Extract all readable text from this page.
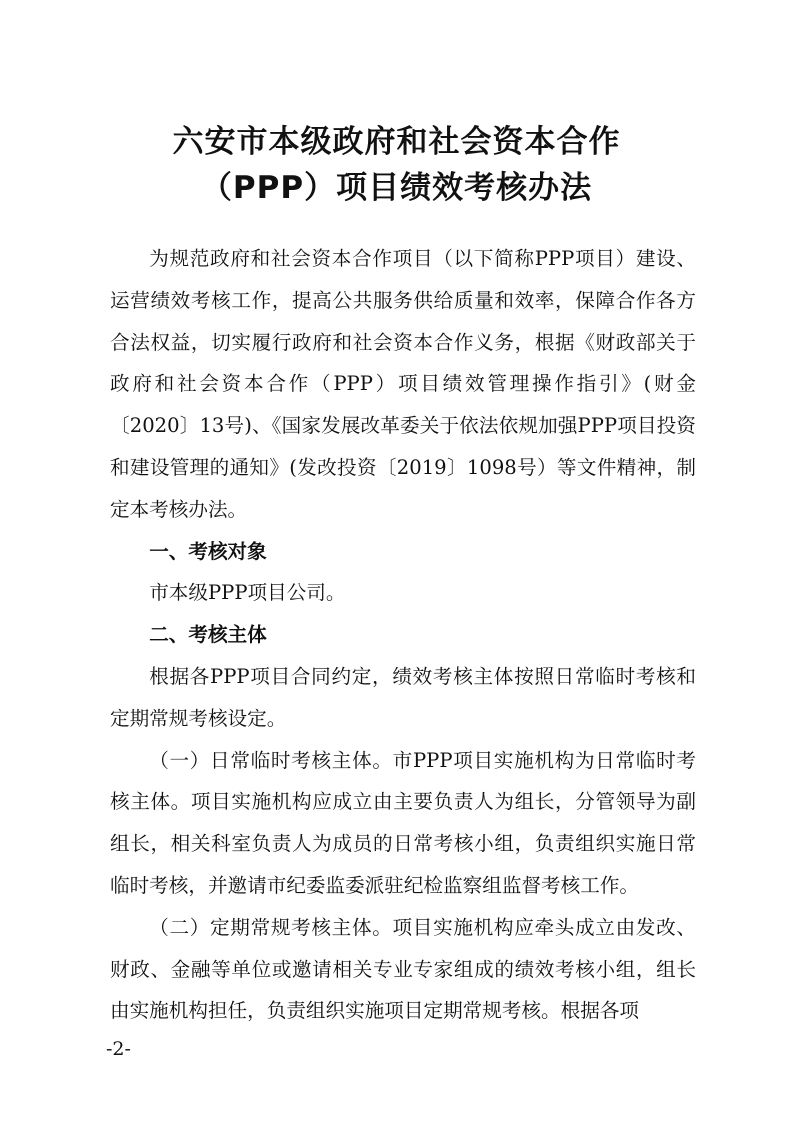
六安市本级政府和社会资本合作
（PPP）项目绩效考核办法

为规范政府和社会资本合作项目（以下简称PPP项目）建设、运营绩效考核工作，提高公共服务供给质量和效率，保障合作各方合法权益，切实履行政府和社会资本合作义务，根据《财政部关于政府和社会资本合作（PPP）项目绩效管理操作指引》(财金〔2020〕13号)、《国家发展改革委关于依法依规加强PPP项目投资和建设管理的通知》(发改投资〔2019〕1098号）等文件精神，制定本考核办法。

一、考核对象

市本级PPP项目公司。

二、考核主体

根据各PPP项目合同约定，绩效考核主体按照日常临时考核和定期常规考核设定。

（一）日常临时考核主体。市PPP项目实施机构为日常临时考核主体。项目实施机构应成立由主要负责人为组长，分管领导为副组长，相关科室负责人为成员的日常考核小组，负责组织实施日常临时考核，并邀请市纪委监委派驻纪检监察组监督考核工作。

（二）定期常规考核主体。项目实施机构应牵头成立由发改、财政、金融等单位或邀请相关专业专家组成的绩效考核小组，组长由实施机构担任，负责组织实施项目定期常规考核。根据各项

-2-
